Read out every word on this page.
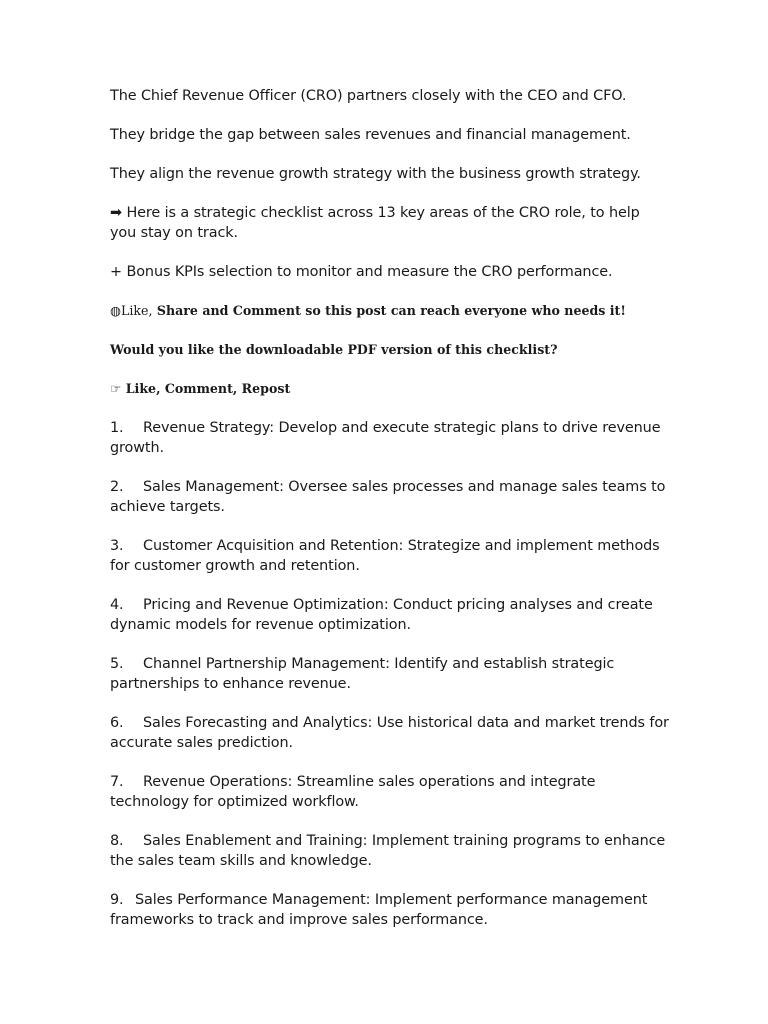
The Chief Revenue Officer (CRO) partners closely with the CEO and CFO.

They bridge the gap between sales revenues and financial management.

They align the revenue growth strategy with the business growth strategy.

➡ Here is a strategic checklist across 13 key areas of the CRO role, to help you stay on track.

+ Bonus KPIs selection to monitor and measure the CRO performance.

◍Like, Share and Comment so this post can reach everyone who needs it!

Would you like the downloadable PDF version of this checklist?

☞ Like, Comment, Repost

1. Revenue Strategy: Develop and execute strategic plans to drive revenue growth.

2. Sales Management: Oversee sales processes and manage sales teams to achieve targets.

3. Customer Acquisition and Retention: Strategize and implement methods for customer growth and retention.

4. Pricing and Revenue Optimization: Conduct pricing analyses and create dynamic models for revenue optimization.

5. Channel Partnership Management: Identify and establish strategic partnerships to enhance revenue.

6. Sales Forecasting and Analytics: Use historical data and market trends for accurate sales prediction.

7. Revenue Operations: Streamline sales operations and integrate technology for optimized workflow.

8. Sales Enablement and Training: Implement training programs to enhance the sales team skills and knowledge.

9. Sales Performance Management: Implement performance management frameworks to track and improve sales performance.
